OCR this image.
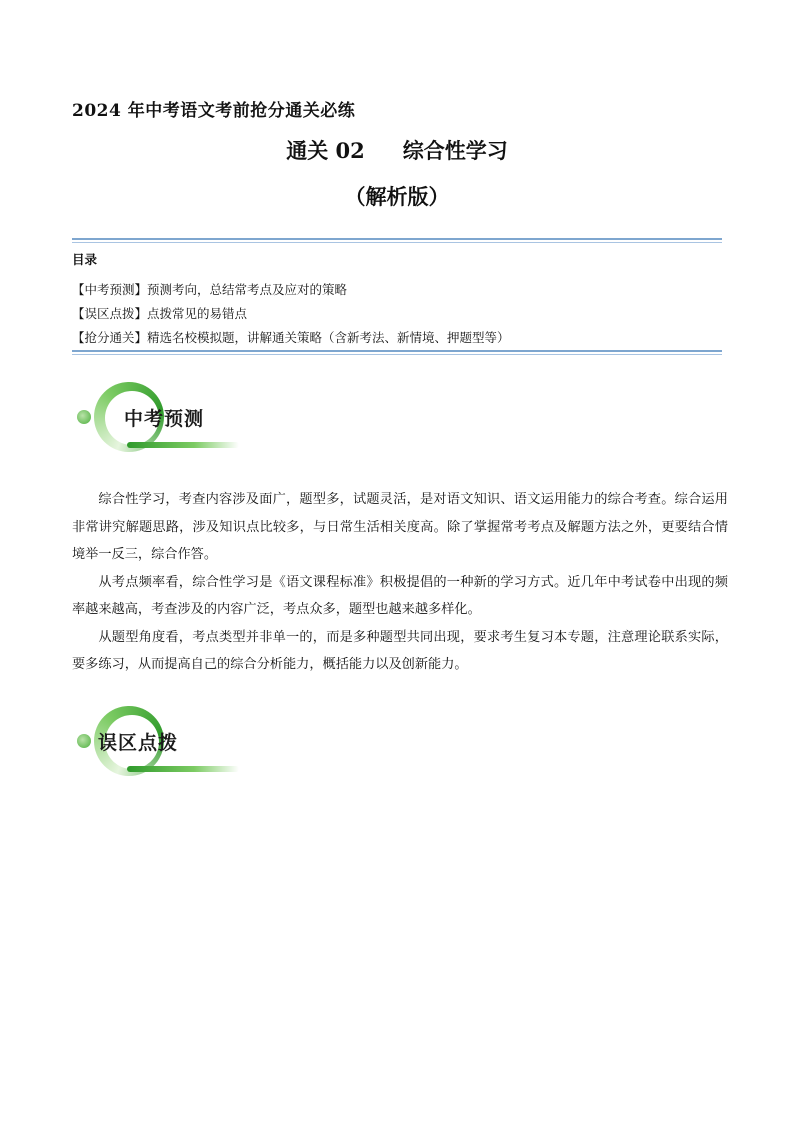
2024 年中考语文考前抢分通关必练
通关 02 综合性学习
（解析版）
目录
【中考预测】预测考向，总结常考点及应对的策略
【误区点拨】点拨常见的易错点
【抢分通关】精选名校模拟题，讲解通关策略（含新考法、新情境、押题型等）
中考预测

综合性学习，考查内容涉及面广，题型多，试题灵活，是对语文知识、语文运用能力的综合考查。综合运用非常讲究解题思路，涉及知识点比较多，与日常生活相关度高。除了掌握常考考点及解题方法之外，更要结合情境举一反三，综合作答。

从考点频率看，综合性学习是《语文课程标准》积极提倡的一种新的学习方式。近几年中考试卷中出现的频率越来越高，考查涉及的内容广泛，考点众多，题型也越来越多样化。

从题型角度看，考点类型并非单一的，而是多种题型共同出现，要求考生复习本专题，注意理论联系实际，要多练习，从而提高自己的综合分析能力，概括能力以及创新能力。

误区点拨
